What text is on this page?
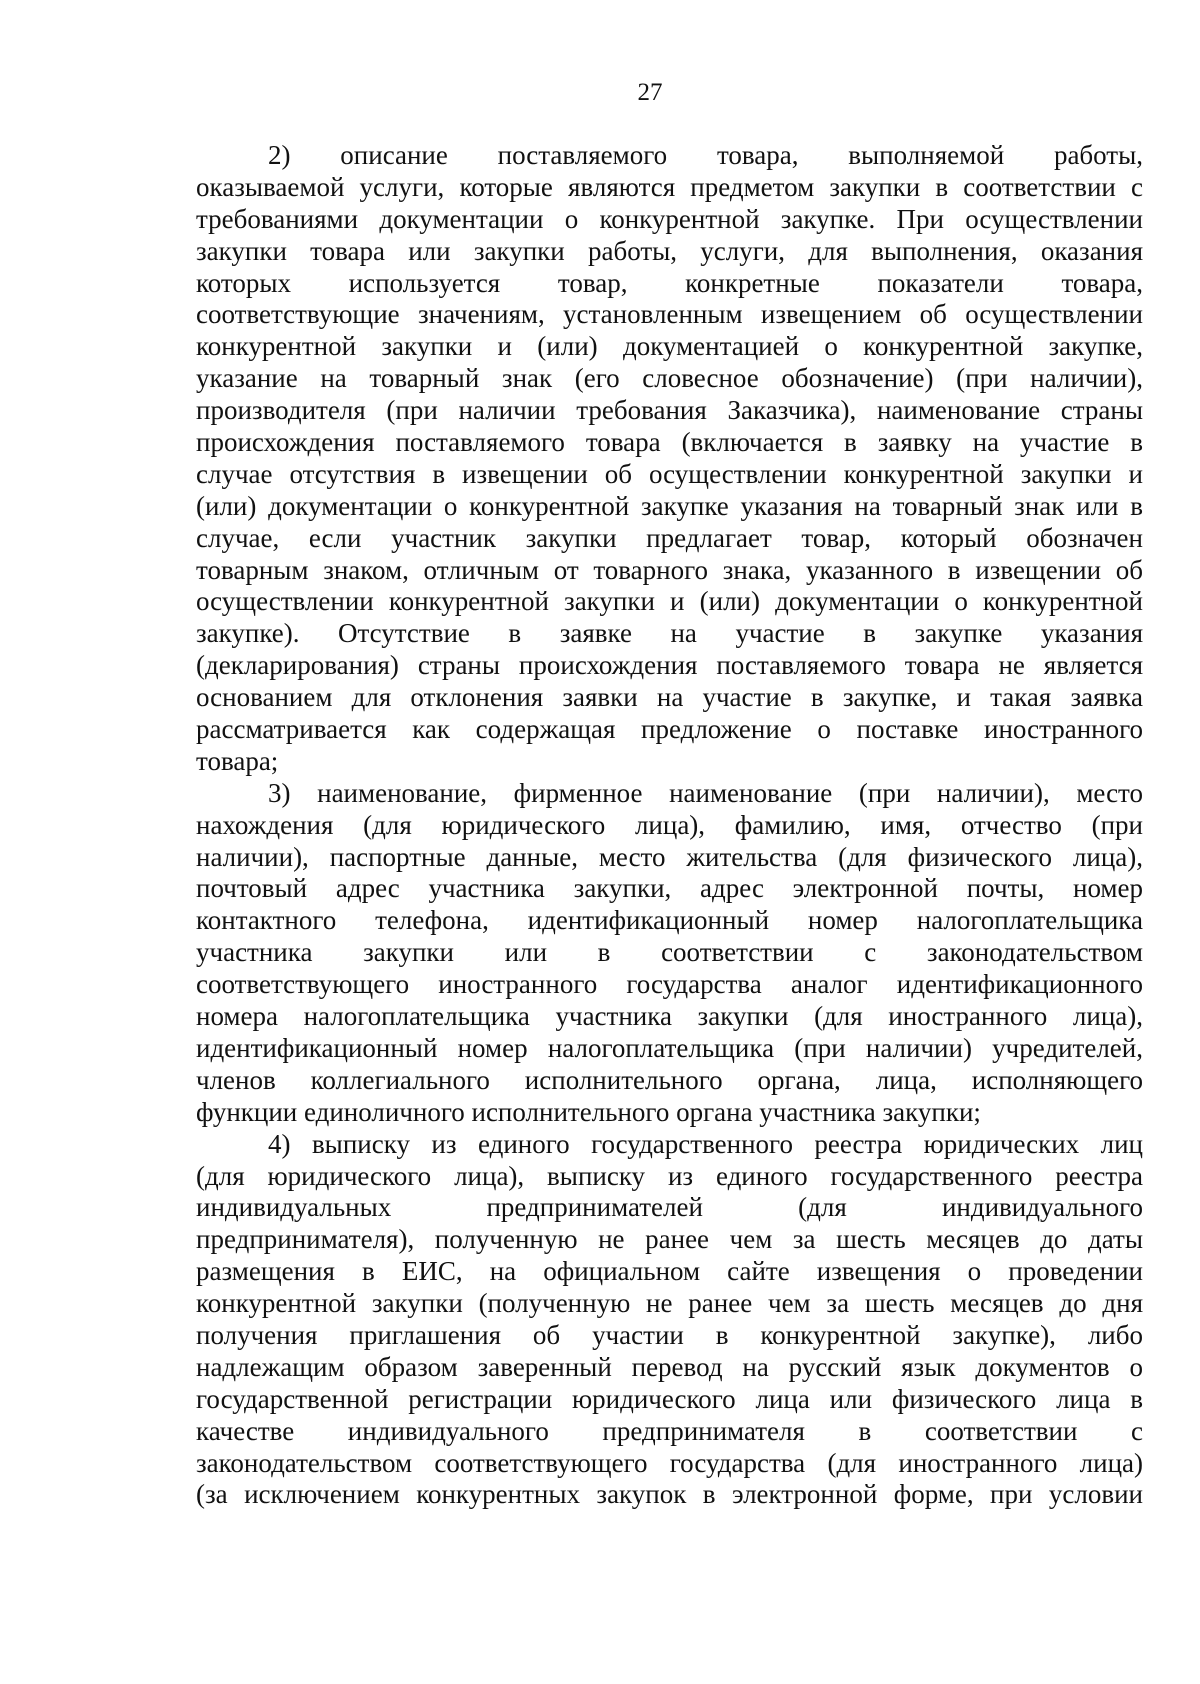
27
2) описание поставляемого товара, выполняемой работы,
оказываемой услуги, которые являются предметом закупки в соответствии с
требованиями документации о конкурентной закупке. При осуществлении
закупки товара или закупки работы, услуги, для выполнения, оказания
которых используется товар, конкретные показатели товара,
соответствующие значениям, установленным извещением об осуществлении
конкурентной закупки и (или) документацией о конкурентной закупке,
указание на товарный знак (его словесное обозначение) (при наличии),
производителя (при наличии требования Заказчика), наименование страны
происхождения поставляемого товара (включается в заявку на участие в
случае отсутствия в извещении об осуществлении конкурентной закупки и
(или) документации о конкурентной закупке указания на товарный знак или в
случае, если участник закупки предлагает товар, который обозначен
товарным знаком, отличным от товарного знака, указанного в извещении об
осуществлении конкурентной закупки и (или) документации о конкурентной
закупке). Отсутствие в заявке на участие в закупке указания
(декларирования) страны происхождения поставляемого товара не является
основанием для отклонения заявки на участие в закупке, и такая заявка
рассматривается как содержащая предложение о поставке иностранного
товара;
3) наименование, фирменное наименование (при наличии), место
нахождения (для юридического лица), фамилию, имя, отчество (при
наличии), паспортные данные, место жительства (для физического лица),
почтовый адрес участника закупки, адрес электронной почты, номер
контактного телефона, идентификационный номер налогоплательщика
участника закупки или в соответствии с законодательством
соответствующего иностранного государства аналог идентификационного
номера налогоплательщика участника закупки (для иностранного лица),
идентификационный номер налогоплательщика (при наличии) учредителей,
членов коллегиального исполнительного органа, лица, исполняющего
функции единоличного исполнительного органа участника закупки;
4) выписку из единого государственного реестра юридических лиц
(для юридического лица), выписку из единого государственного реестра
индивидуальных предпринимателей (для индивидуального
предпринимателя), полученную не ранее чем за шесть месяцев до даты
размещения в ЕИС, на официальном сайте извещения о проведении
конкурентной закупки (полученную не ранее чем за шесть месяцев до дня
получения приглашения об участии в конкурентной закупке), либо
надлежащим образом заверенный перевод на русский язык документов о
государственной регистрации юридического лица или физического лица в
качестве индивидуального предпринимателя в соответствии с
законодательством соответствующего государства (для иностранного лица)
(за исключением конкурентных закупок в электронной форме, при условии
